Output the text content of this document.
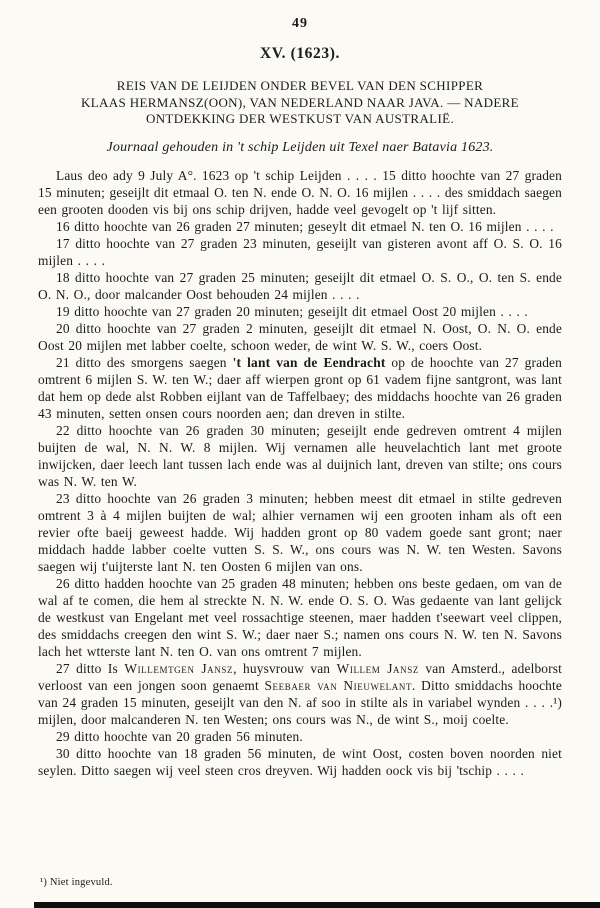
49
XV. (1623).
REIS VAN DE LEIJDEN ONDER BEVEL VAN DEN SCHIPPER
KLAAS HERMANSZ(OON), VAN NEDERLAND NAAR JAVA. — NADERE
ONTDEKKING DER WESTKUST VAN AUSTRALIË.
Journaal gehouden in 't schip Leijden uit Texel naer Batavia 1623.

Laus deo ady 9 July A°. 1623 op 't schip Leijden . . . . 15 ditto hoochte van 27 graden 15 minuten; geseijlt dit etmaal O. ten N. ende O. N. O. 16 mijlen . . . . des smiddach saegen een grooten dooden vis bij ons schip drijven, hadde veel gevogelt op 't lijf sitten.

16 ditto hoochte van 26 graden 27 minuten; geseylt dit etmael N. ten O. 16 mijlen . . . .

17 ditto hoochte van 27 graden 23 minuten, geseijlt van gisteren avont aff O. S. O. 16 mijlen . . . .

18 ditto hoochte van 27 graden 25 minuten; geseijlt dit etmael O. S. O., O. ten S. ende O. N. O., door malcander Oost behouden 24 mijlen . . . .

19 ditto hoochte van 27 graden 20 minuten; geseijlt dit etmael Oost 20 mijlen . . . .

20 ditto hoochte van 27 graden 2 minuten, geseijlt dit etmael N. Oost, O. N. O. ende Oost 20 mijlen met labber coelte, schoon weder, de wint W. S. W., coers Oost.

21 ditto des smorgens saegen 't lant van de Eendracht op de hoochte van 27 graden omtrent 6 mijlen S. W. ten W.; daer aff wierpen gront op 61 vadem fijne santgront, was lant dat hem op dede alst Robben eijlant van de Taffelbaey; des middachs hoochte van 26 graden 43 minuten, setten onsen cours noorden aen; dan dreven in stilte.

22 ditto hoochte van 26 graden 30 minuten; geseijlt ende gedreven omtrent 4 mijlen buijten de wal, N. N. W. 8 mijlen. Wij vernamen alle heuvelachtich lant met groote inwijcken, daer leech lant tussen lach ende was al duijnich lant, dreven van stilte; ons cours was N. W. ten W.

23 ditto hoochte van 26 graden 3 minuten; hebben meest dit etmael in stilte gedreven omtrent 3 à 4 mijlen buijten de wal; alhier vernamen wij een grooten inham als oft een revier ofte baeij geweest hadde. Wij hadden gront op 80 vadem goede sant gront; naer middach hadde labber coelte vutten S. S. W., ons cours was N. W. ten Westen. Savons saegen wij t'uijterste lant N. ten Oosten 6 mijlen van ons.

26 ditto hadden hoochte van 25 graden 48 minuten; hebben ons beste gedaen, om van de wal af te comen, die hem al streckte N. N. W. ende O. S. O. Was gedaente van lant gelijck de westkust van Engelant met veel rossachtige steenen, maer hadden t'seewart veel clippen, des smiddachs creegen den wint S. W.; daer naer S.; namen ons cours N. W. ten N. Savons lach het wtterste lant N. ten O. van ons omtrent 7 mijlen.

27 ditto Is Willemtgen Jansz, huysvrouw van Willem Jansz van Amsterd., adelborst verloost van een jongen soon genaemt Seebaer van Nieuwelant. Ditto smiddachs hoochte van 24 graden 15 minuten, geseijlt van den N. af soo in stilte als in variabel wynden . . . .¹) mijlen, door malcanderen N. ten Westen; ons cours was N., de wint S., moij coelte.

29 ditto hoochte van 20 graden 56 minuten.

30 ditto hoochte van 18 graden 56 minuten, de wint Oost, costen boven noorden niet seylen. Ditto saegen wij veel steen cros dreyven. Wij hadden oock vis bij 'tschip . . . .

¹) Niet ingevuld.
